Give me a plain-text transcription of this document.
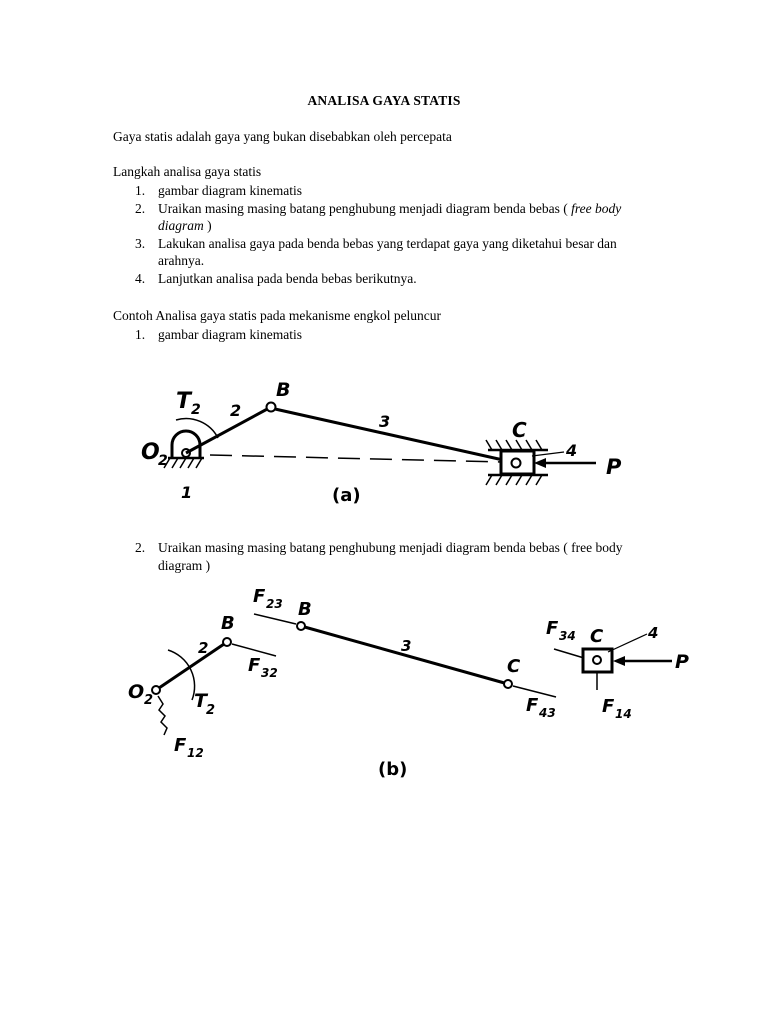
ANALISA GAYA STATIS
Gaya statis adalah gaya yang bukan disebabkan oleh percepata
Langkah analisa gaya statis
1. gambar diagram kinematis
2. Uraikan masing masing batang penghubung menjadi diagram benda bebas ( free body diagram )
3. Lakukan analisa gaya pada benda bebas yang terdapat gaya yang diketahui besar dan arahnya.
4. Lanjutkan analisa pada benda bebas berikutnya.
Contoh Analisa gaya statis pada mekanisme engkol peluncur
1. gambar diagram kinematis
T 2
O
2
B
2
3	C
4
P
1	(a)
2. Uraikan masing masing batang penghubung menjadi diagram benda bebas ( free body diagram )
O 2 T 2
2
B
F 32
F 12
F 23 B
3
C
F 43
F 34 C	4
P
F 14
(b)
